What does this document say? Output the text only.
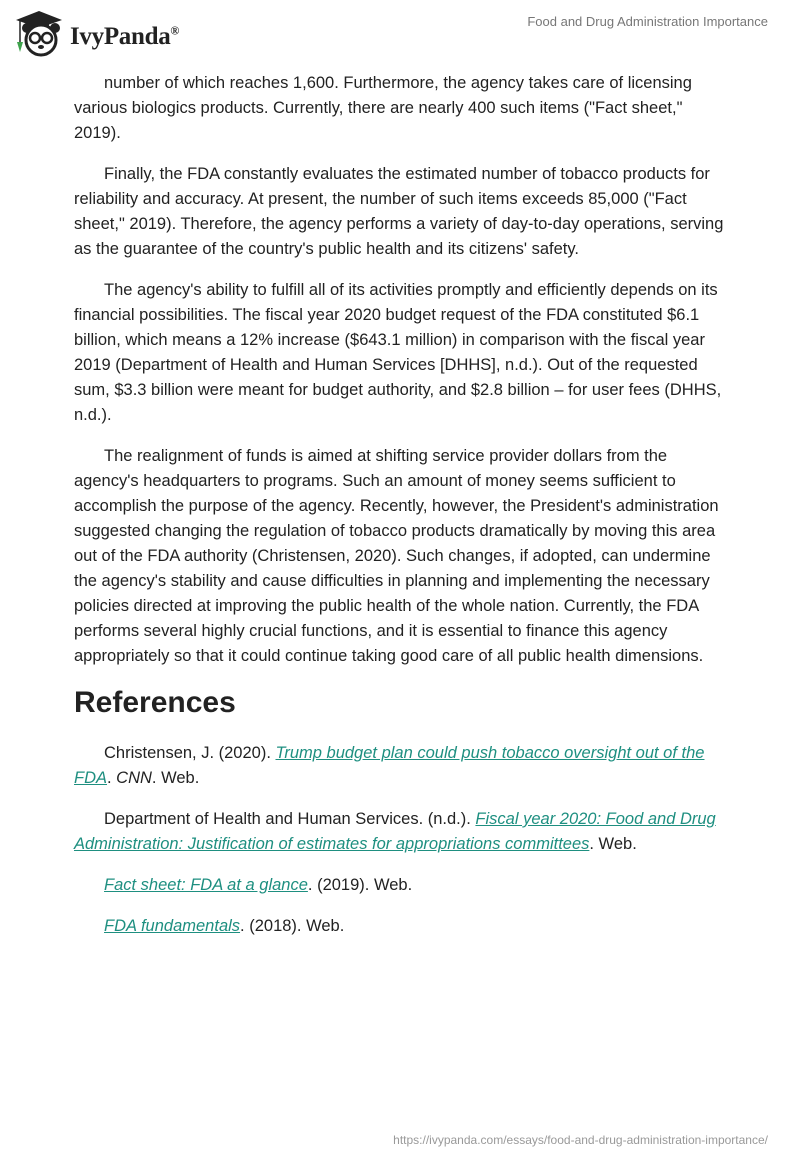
IvyPanda®
Food and Drug Administration Importance

number of which reaches 1,600. Furthermore, the agency takes care of licensing various biologics products. Currently, there are nearly 400 such items ("Fact sheet," 2019).

Finally, the FDA constantly evaluates the estimated number of tobacco products for reliability and accuracy. At present, the number of such items exceeds 85,000 ("Fact sheet," 2019). Therefore, the agency performs a variety of day-to-day operations, serving as the guarantee of the country's public health and its citizens' safety.

The agency's ability to fulfill all of its activities promptly and efficiently depends on its financial possibilities. The fiscal year 2020 budget request of the FDA constituted $6.1 billion, which means a 12% increase ($643.1 million) in comparison with the fiscal year 2019 (Department of Health and Human Services [DHHS], n.d.). Out of the requested sum, $3.3 billion were meant for budget authority, and $2.8 billion – for user fees (DHHS, n.d.).

The realignment of funds is aimed at shifting service provider dollars from the agency's headquarters to programs. Such an amount of money seems sufficient to accomplish the purpose of the agency. Recently, however, the President's administration suggested changing the regulation of tobacco products dramatically by moving this area out of the FDA authority (Christensen, 2020). Such changes, if adopted, can undermine the agency's stability and cause difficulties in planning and implementing the necessary policies directed at improving the public health of the whole nation. Currently, the FDA performs several highly crucial functions, and it is essential to finance this agency appropriately so that it could continue taking good care of all public health dimensions.

References

Christensen, J. (2020). Trump budget plan could push tobacco oversight out of the FDA. CNN. Web.

Department of Health and Human Services. (n.d.). Fiscal year 2020: Food and Drug Administration: Justification of estimates for appropriations committees. Web.

Fact sheet: FDA at a glance. (2019). Web.

FDA fundamentals. (2018). Web.

https://ivypanda.com/essays/food-and-drug-administration-importance/
